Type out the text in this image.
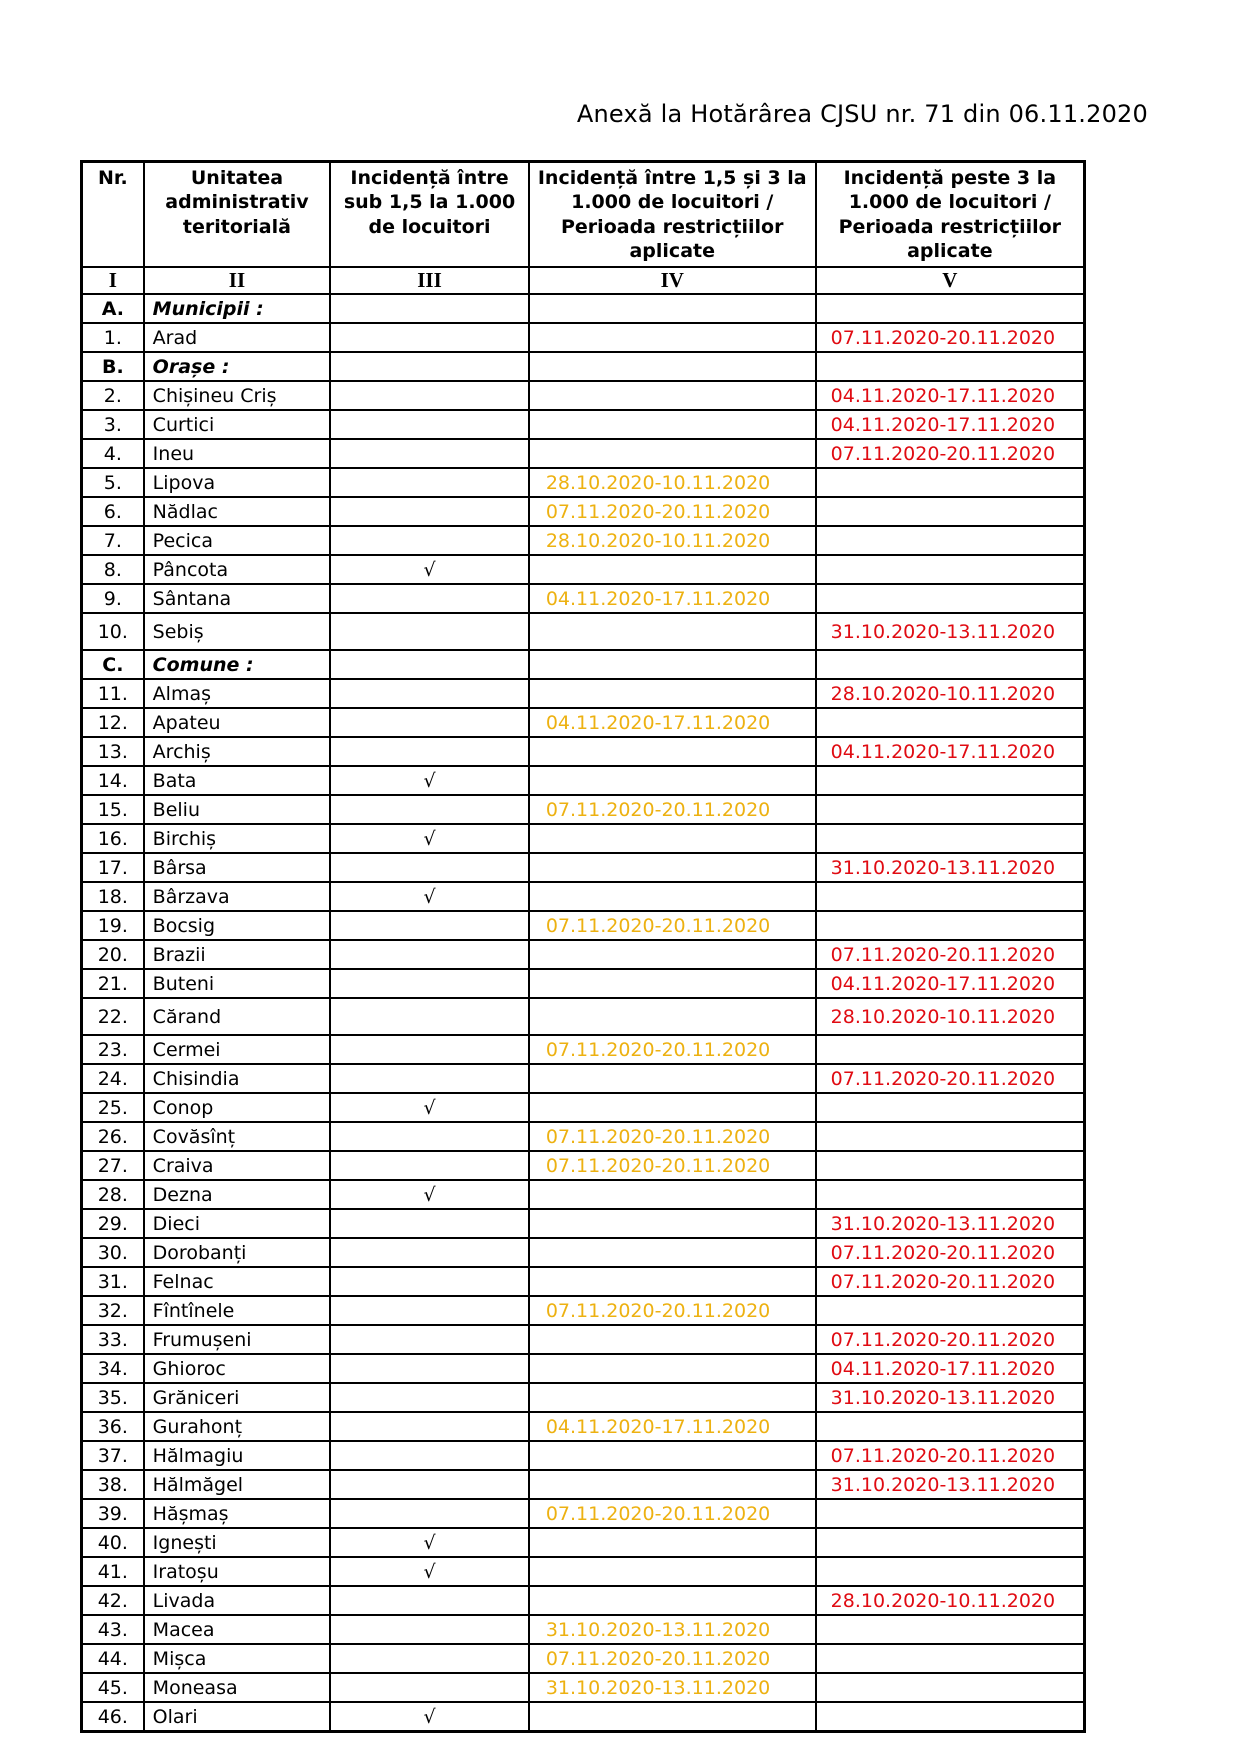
Anexă la Hotărârea CJSU nr. 71 din 06.11.2020
Nr.	Unitatea administrativ teritorială	Incidență între sub 1,5 la 1.000 de locuitori	Incidență între 1,5 și 3 la 1.000 de locuitori / Perioada restricțiilor aplicate	Incidență peste 3 la 1.000 de locuitori / Perioada restricțiilor aplicate
I	II	III	IV	V
A.	Municipii :			
1.	Arad			07.11.2020-20.11.2020
B.	Orașe :			
2.	Chișineu Criș			04.11.2020-17.11.2020
3.	Curtici			04.11.2020-17.11.2020
4.	Ineu			07.11.2020-20.11.2020
5.	Lipova		28.10.2020-10.11.2020	
6.	Nădlac		07.11.2020-20.11.2020	
7.	Pecica		28.10.2020-10.11.2020	
8.	Pâncota	√		
9.	Sântana		04.11.2020-17.11.2020	
10.	Sebiș			31.10.2020-13.11.2020
C.	Comune :			
11.	Almaș			28.10.2020-10.11.2020
12.	Apateu		04.11.2020-17.11.2020	
13.	Archiș			04.11.2020-17.11.2020
14.	Bata	√		
15.	Beliu		07.11.2020-20.11.2020	
16.	Birchiș	√		
17.	Bârsa			31.10.2020-13.11.2020
18.	Bârzava	√		
19.	Bocsig		07.11.2020-20.11.2020	
20.	Brazii			07.11.2020-20.11.2020
21.	Buteni			04.11.2020-17.11.2020
22.	Cărand			28.10.2020-10.11.2020
23.	Cermei		07.11.2020-20.11.2020	
24.	Chisindia			07.11.2020-20.11.2020
25.	Conop	√		
26.	Covăsînț		07.11.2020-20.11.2020	
27.	Craiva		07.11.2020-20.11.2020	
28.	Dezna	√		
29.	Dieci			31.10.2020-13.11.2020
30.	Dorobanți			07.11.2020-20.11.2020
31.	Felnac			07.11.2020-20.11.2020
32.	Fîntînele		07.11.2020-20.11.2020	
33.	Frumușeni			07.11.2020-20.11.2020
34.	Ghioroc			04.11.2020-17.11.2020
35.	Grăniceri			31.10.2020-13.11.2020
36.	Gurahonț		04.11.2020-17.11.2020	
37.	Hălmagiu			07.11.2020-20.11.2020
38.	Hălmăgel			31.10.2020-13.11.2020
39.	Hășmaș		07.11.2020-20.11.2020	
40.	Ignești	√		
41.	Iratoșu	√		
42.	Livada			28.10.2020-10.11.2020
43.	Macea		31.10.2020-13.11.2020	
44.	Mișca		07.11.2020-20.11.2020	
45.	Moneasa		31.10.2020-13.11.2020	
46.	Olari	√		
